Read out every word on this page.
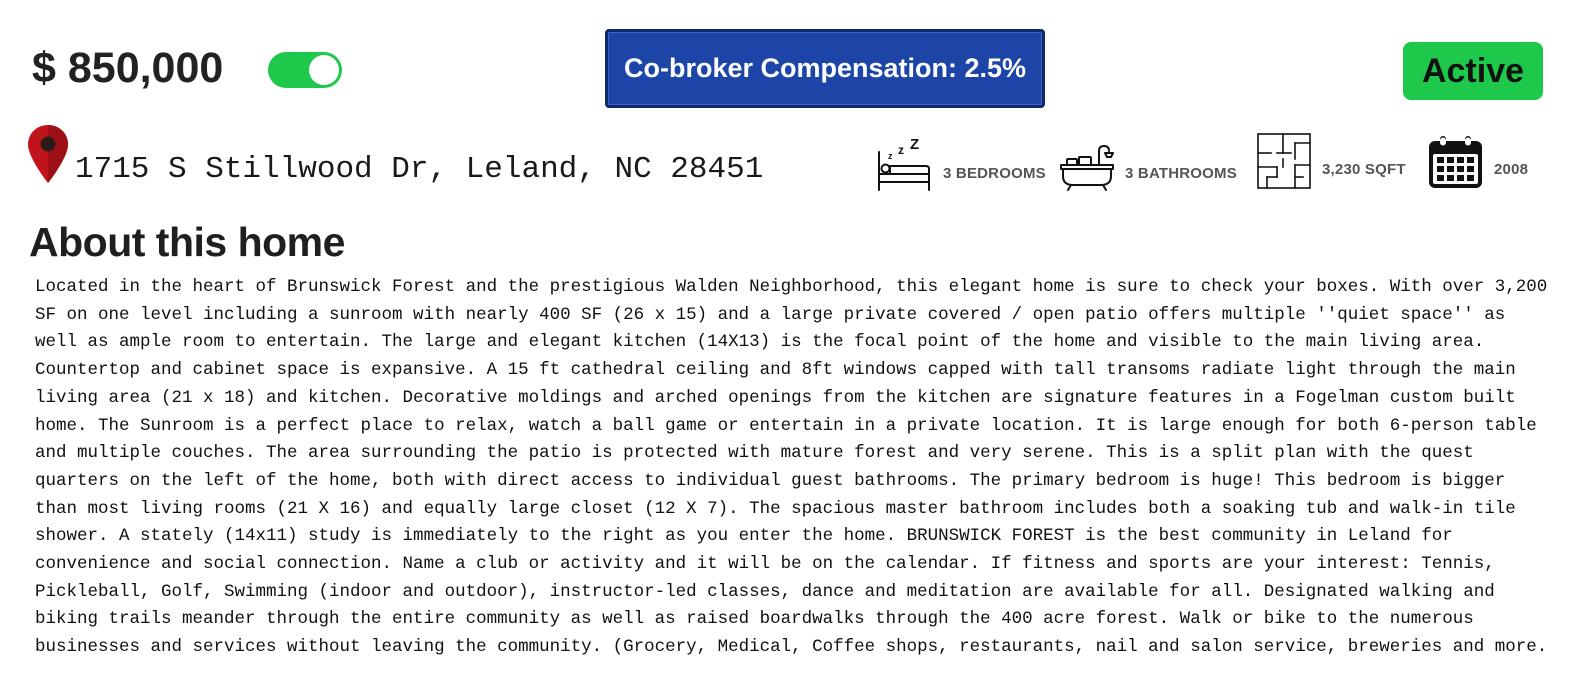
$ 850,000	Co-broker Compensation: 2.5%	Active
1715 S Stillwood Dr, Leland, NC 28451	z z Z
3 BEDROOMS	3 BATHROOMS	3,230 SQFT	2008
About this home

Located in the heart of Brunswick Forest and the prestigious Walden Neighborhood, this elegant home is sure to check your boxes. With over 3,200 SF on one level including a sunroom with nearly 400 SF (26 x 15) and a large private covered / open patio offers multiple ''quiet space'' as well as ample room to entertain. The large and elegant kitchen (14X13) is the focal point of the home and visible to the main living area. Countertop and cabinet space is expansive. A 15 ft cathedral ceiling and 8ft windows capped with tall transoms radiate light through the main living area (21 x 18) and kitchen. Decorative moldings and arched openings from the kitchen are signature features in a Fogelman custom built home. The Sunroom is a perfect place to relax, watch a ball game or entertain in a private location. It is large enough for both 6-person table and multiple couches. The area surrounding the patio is protected with mature forest and very serene. This is a split plan with the quest quarters on the left of the home, both with direct access to individual guest bathrooms. The primary bedroom is huge! This bedroom is bigger than most living rooms (21 X 16) and equally large closet (12 X 7). The spacious master bathroom includes both a soaking tub and walk-in tile shower. A stately (14x11) study is immediately to the right as you enter the home. BRUNSWICK FOREST is the best community in Leland for convenience and social connection. Name a club or activity and it will be on the calendar. If fitness and sports are your interest: Tennis, Pickleball, Golf, Swimming (indoor and outdoor), instructor-led classes, dance and meditation are available for all. Designated walking and biking trails meander through the entire community as well as raised boardwalks through the 400 acre forest. Walk or bike to the numerous businesses and services without leaving the community. (Grocery, Medical, Coffee shops, restaurants, nail and salon service, breweries and more.
